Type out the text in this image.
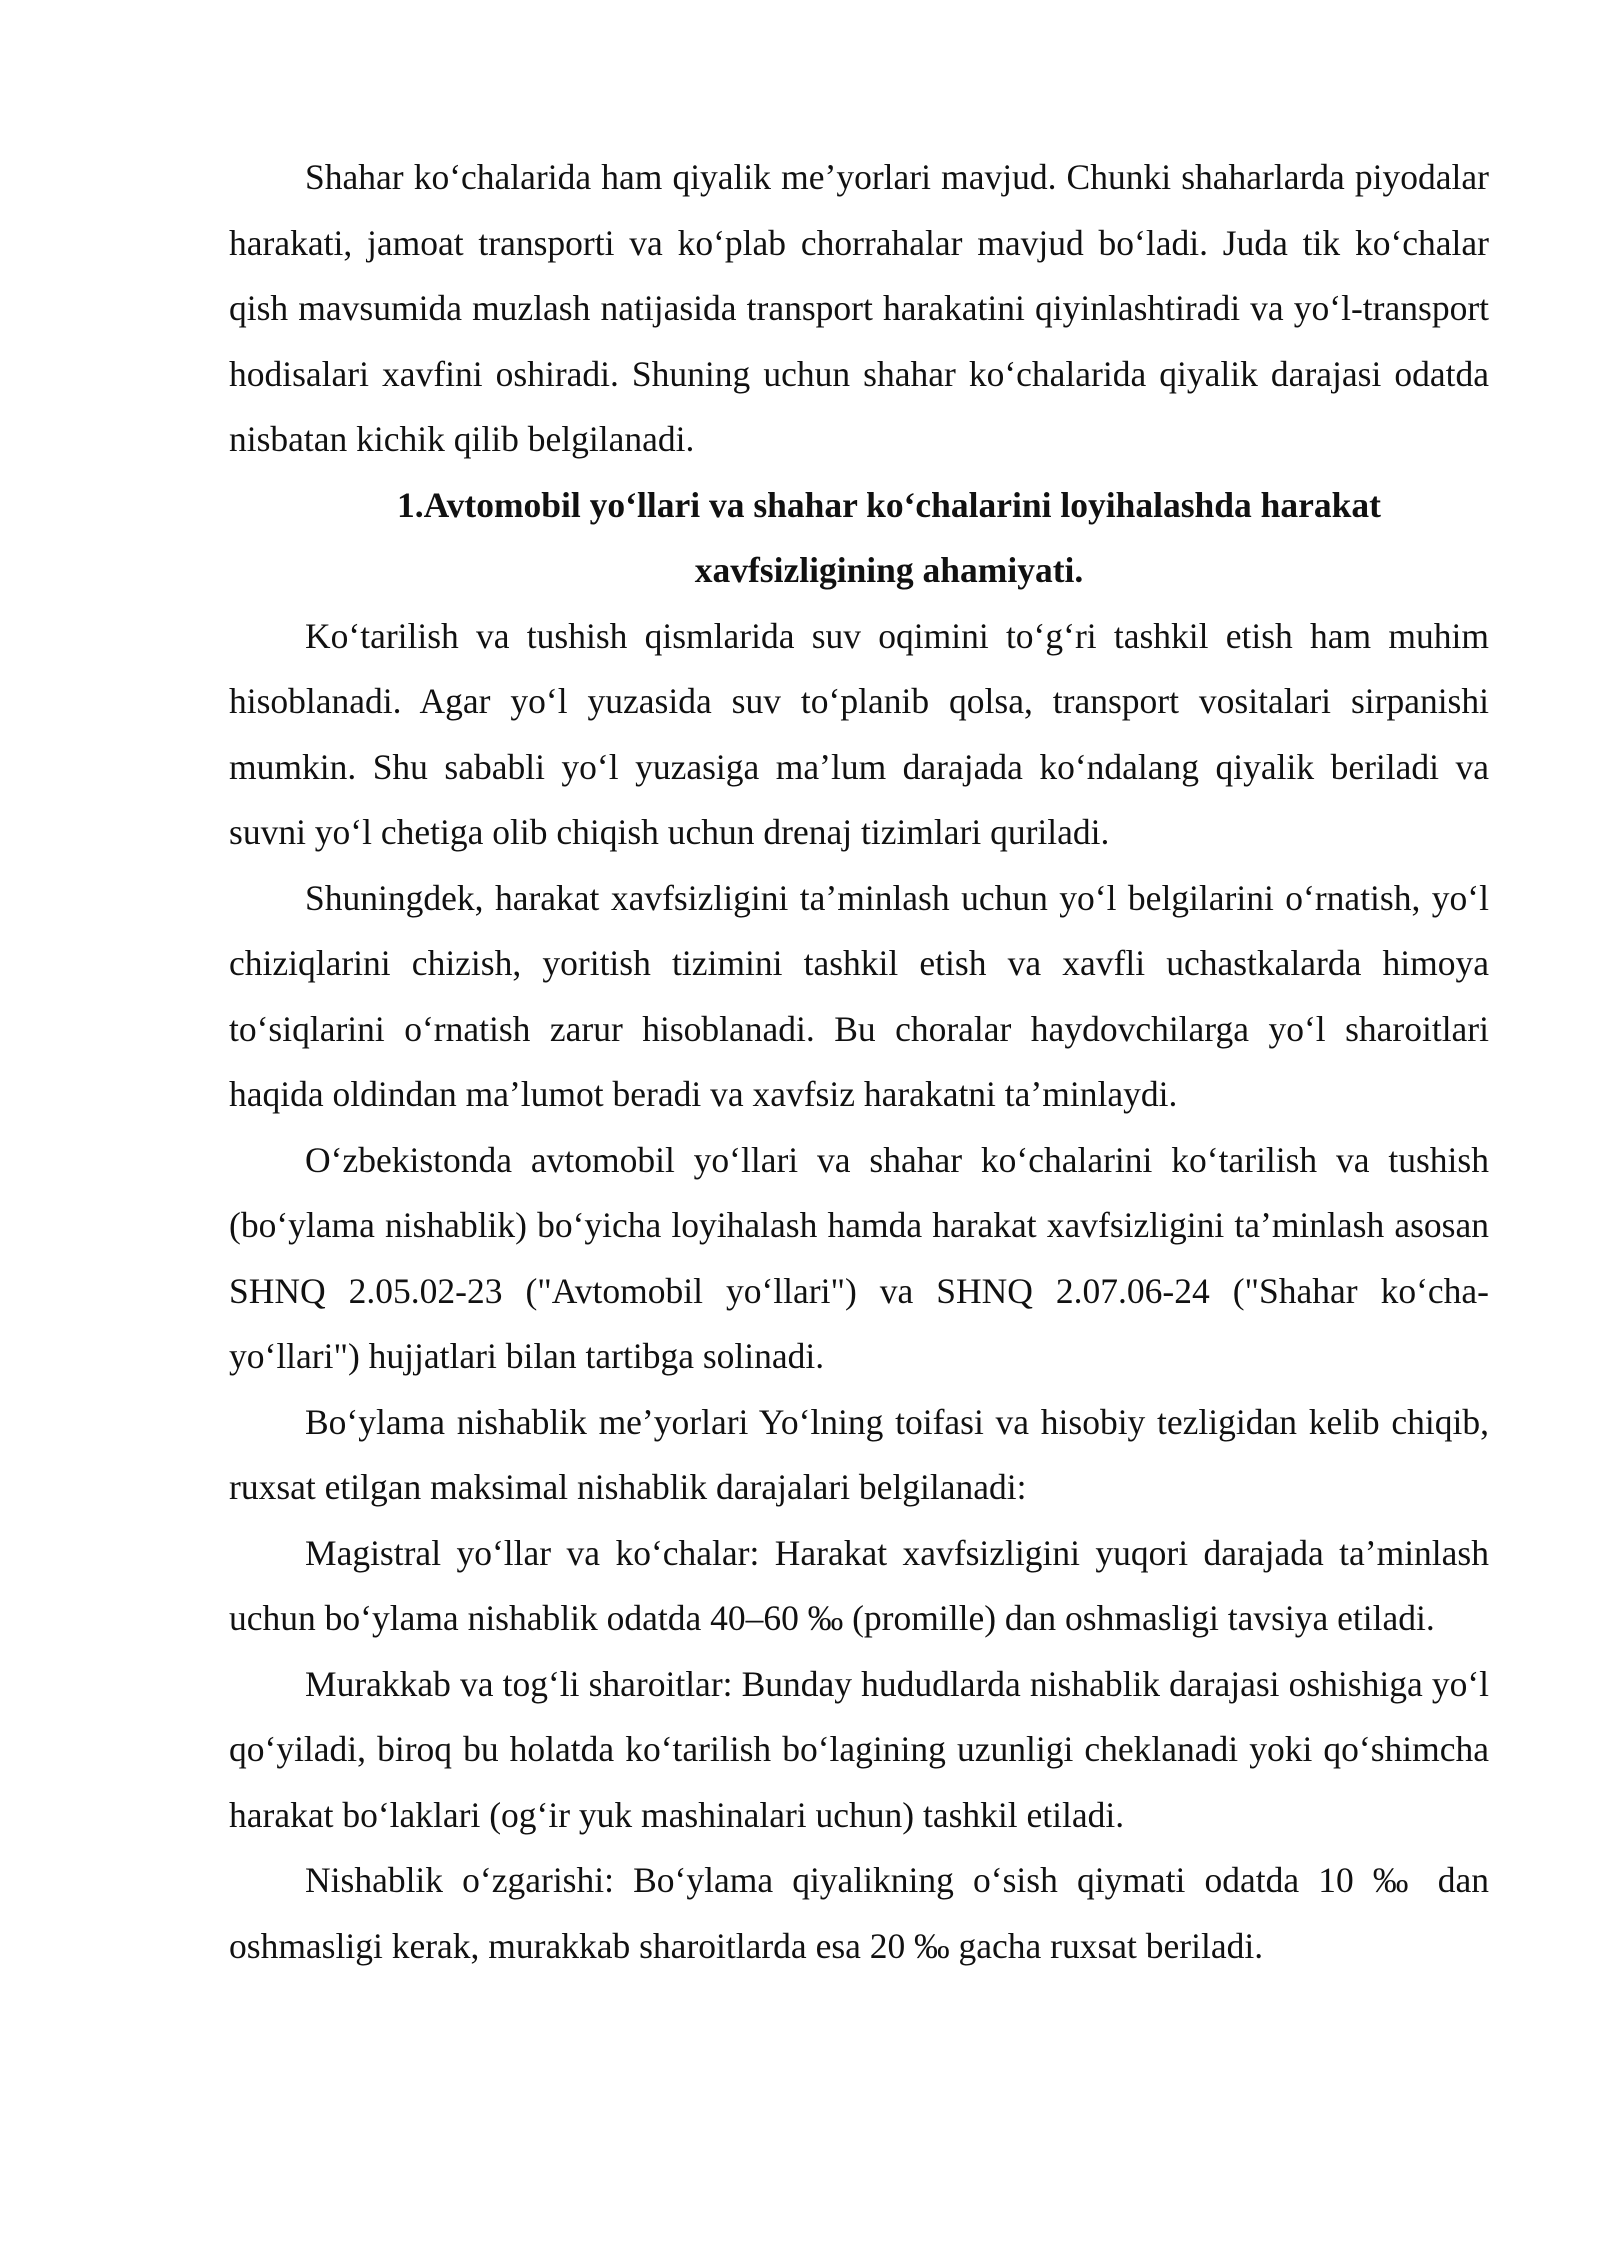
Shahar koʻchalarida ham qiyalik meʼyorlari mavjud. Chunki shaharlarda piyodalar harakati, jamoat transporti va koʻplab chorrahalar mavjud boʻladi. Juda tik koʻchalar qish mavsumida muzlash natijasida transport harakatini qiyinlashtiradi va yoʻl-transport hodisalari xavfini oshiradi. Shuning uchun shahar koʻchalarida qiyalik darajasi odatda nisbatan kichik qilib belgilanadi.

1.Avtomobil yoʻllari va shahar koʻchalarini loyihalashda harakat xavfsizligining ahamiyati.

Koʻtarilish va tushish qismlarida suv oqimini toʻgʻri tashkil etish ham muhim hisoblanadi. Agar yoʻl yuzasida suv toʻplanib qolsa, transport vositalari sirpanishi mumkin. Shu sababli yoʻl yuzasiga maʼlum darajada koʻndalang qiyalik beriladi va suvni yoʻl chetiga olib chiqish uchun drenaj tizimlari quriladi.

Shuningdek, harakat xavfsizligini taʼminlash uchun yoʻl belgilarini oʻrnatish, yoʻl chiziqlarini chizish, yoritish tizimini tashkil etish va xavfli uchastkalarda himoya toʻsiqlarini oʻrnatish zarur hisoblanadi. Bu choralar haydovchilarga yoʻl sharoitlari haqida oldindan maʼlumot beradi va xavfsiz harakatni taʼminlaydi.

Oʻzbekistonda avtomobil yoʻllari va shahar koʻchalarini koʻtarilish va tushish (boʻylama nishablik) boʻyicha loyihalash hamda harakat xavfsizligini taʼminlash asosan SHNQ 2.05.02-23 ("Avtomobil yoʻllari") va SHNQ 2.07.06-24 ("Shahar koʻcha-yoʻllari") hujjatlari bilan tartibga solinadi.

Boʻylama nishablik meʼyorlari Yoʻlning toifasi va hisobiy tezligidan kelib chiqib, ruxsat etilgan maksimal nishablik darajalari belgilanadi:

Magistral yoʻllar va koʻchalar: Harakat xavfsizligini yuqori darajada taʼminlash uchun boʻylama nishablik odatda 40–60 ‰ (promille) dan oshmasligi tavsiya etiladi.

Murakkab va togʻli sharoitlar: Bunday hududlarda nishablik darajasi oshishiga yoʻl qoʻyiladi, biroq bu holatda koʻtarilish boʻlagining uzunligi cheklanadi yoki qoʻshimcha harakat boʻlaklari (ogʻir yuk mashinalari uchun) tashkil etiladi.

Nishablik oʻzgarishi: Boʻylama qiyalikning oʻsish qiymati odatda 10 ‰ dan oshmasligi kerak, murakkab sharoitlarda esa 20 ‰ gacha ruxsat beriladi.
